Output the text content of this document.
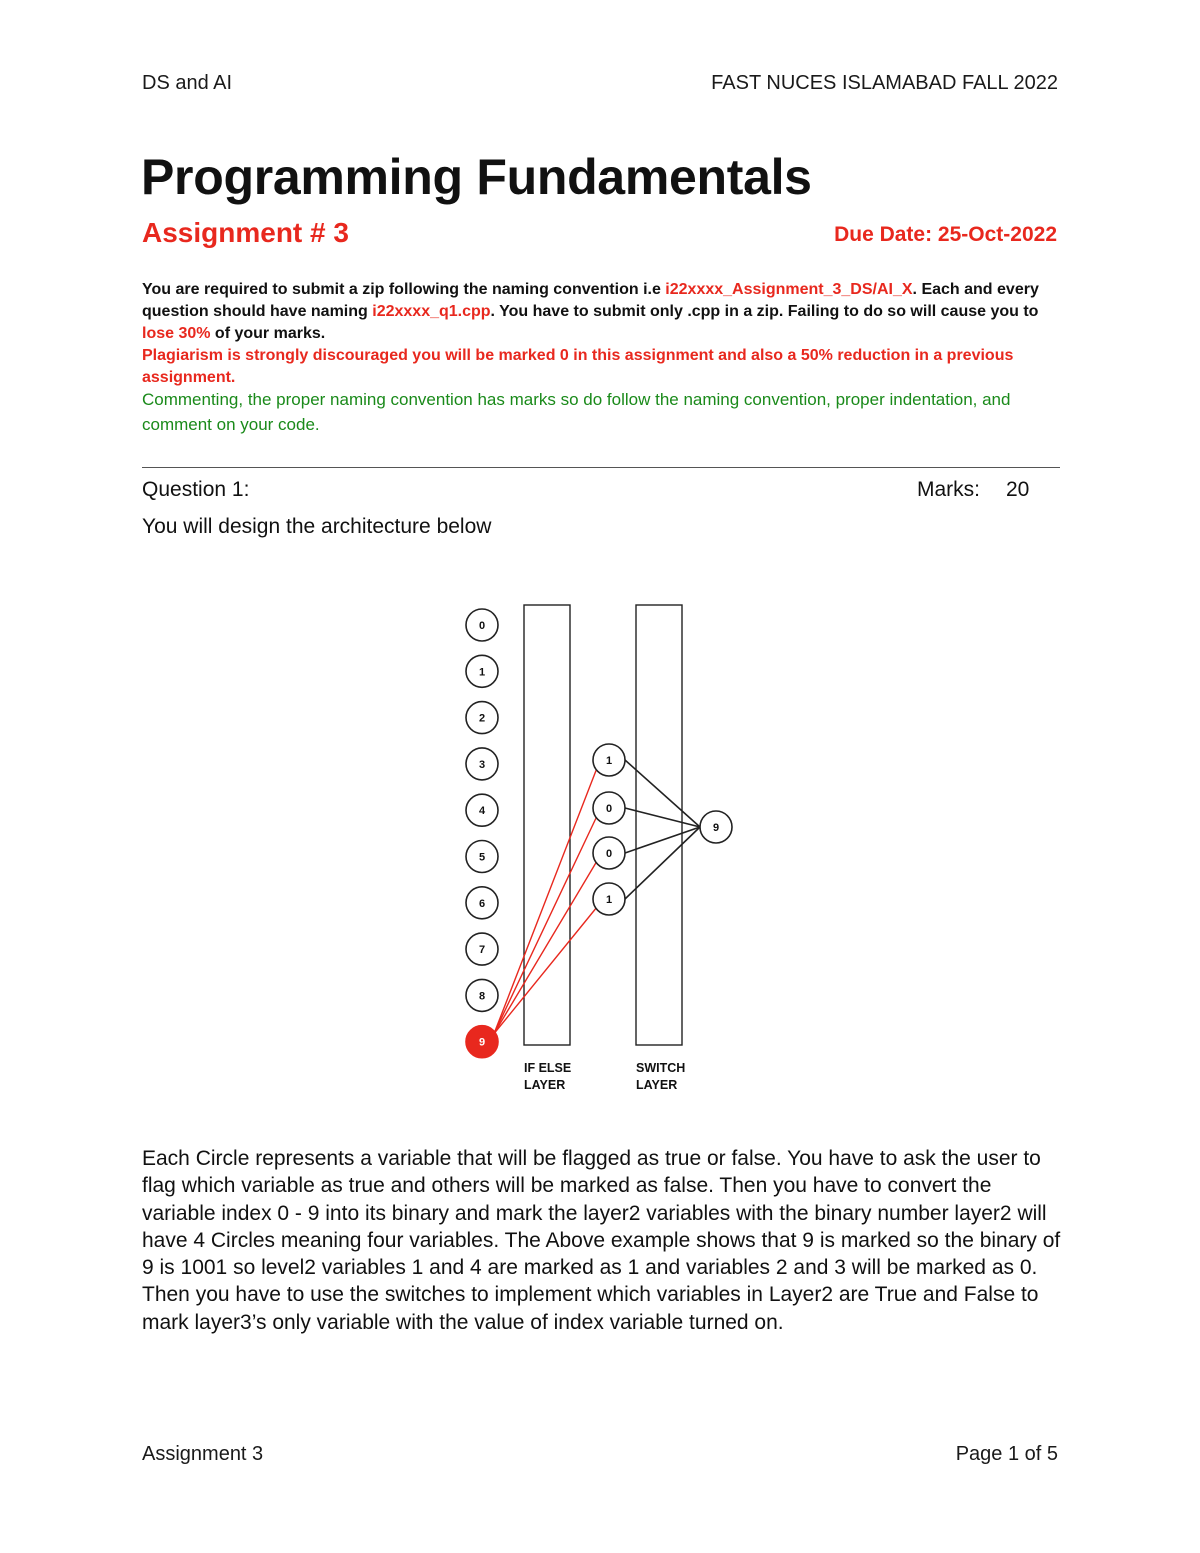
DS and AI	FAST NUCES ISLAMABAD FALL 2022
Programming Fundamentals
Assignment # 3	Due Date: 25-Oct-2022
You are required to submit a zip following the naming convention i.e i22xxxx_Assignment_3_DS/AI_X. Each and every question should have naming i22xxxx_q1.cpp. You have to submit only .cpp in a zip. Failing to do so will cause you to lose 30% of your marks.
Plagiarism is strongly discouraged you will be marked 0 in this assignment and also a 50% reduction in a previous assignment.
Commenting, the proper naming convention has marks so do follow the naming convention, proper indentation, and comment on your code.
Question 1:	Marks: 20
You will design the architecture below
0
1
2
3
4
5
6
7
8
9
1
0
0
1
9
IF ELSE
LAYER
SWITCH
LAYER
Each Circle represents a variable that will be flagged as true or false. You have to ask the user to flag which variable as true and others will be marked as false. Then you have to convert the variable index 0 - 9 into its binary and mark the layer2 variables with the binary number layer2 will have 4 Circles meaning four variables. The Above example shows that 9 is marked so the binary of 9 is 1001 so level2 variables 1 and 4 are marked as 1 and variables 2 and 3 will be marked as 0. Then you have to use the switches to implement which variables in Layer2 are True and False to mark layer3’s only variable with the value of index variable turned on.
Assignment 3	Page 1 of 5
